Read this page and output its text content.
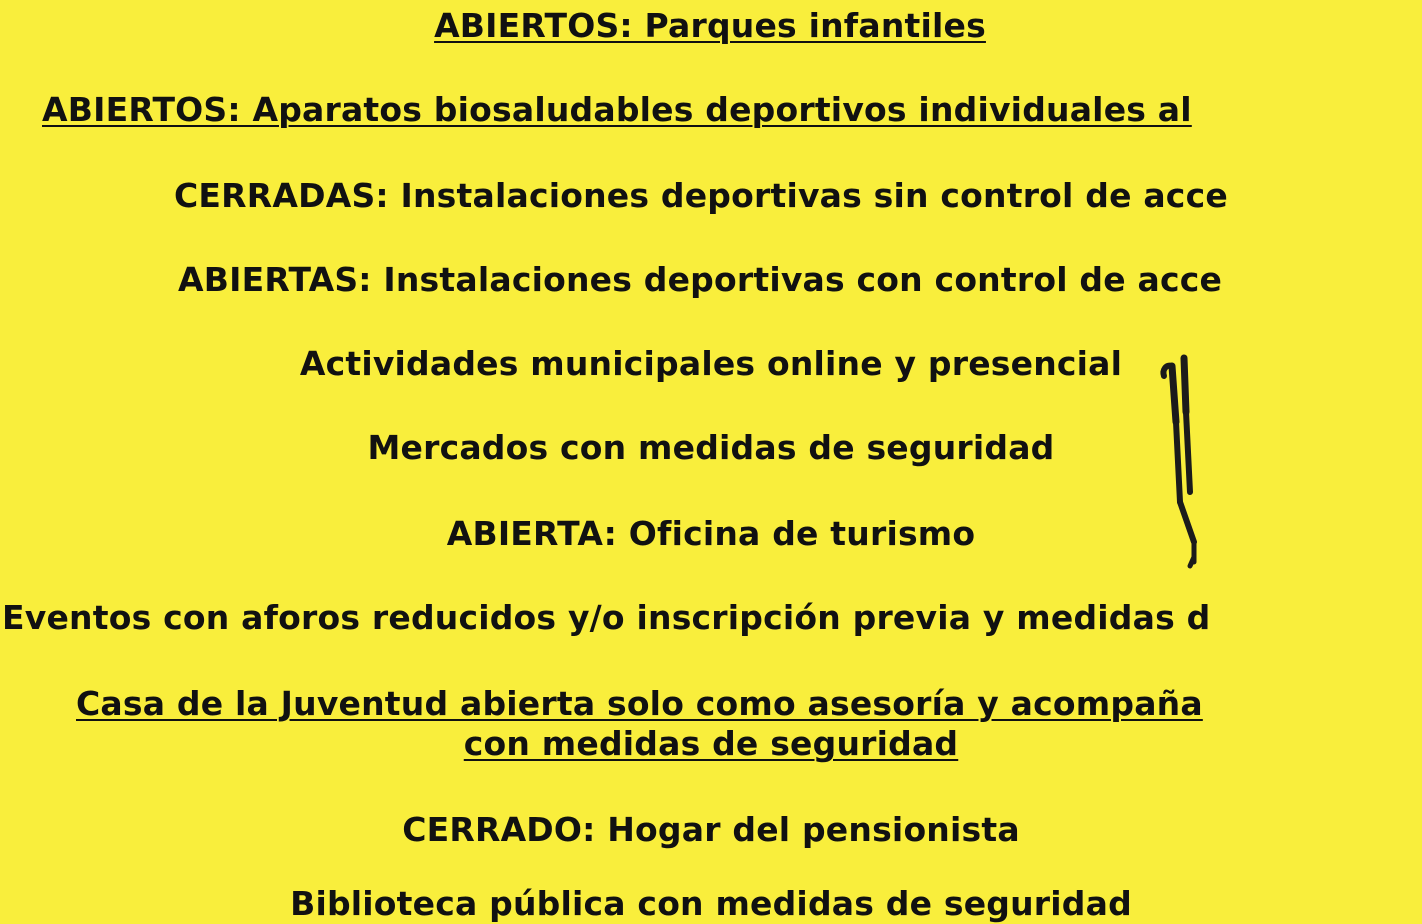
ABIERTOS: Parques infantiles
ABIERTOS: Aparatos biosaludables deportivos individuales al
CERRADAS: Instalaciones deportivas sin control de acce
ABIERTAS: Instalaciones deportivas con control de acce
Actividades municipales online y presencial
Mercados con medidas de seguridad
ABIERTA: Oficina de turismo
Eventos con aforos reducidos y/o inscripción previa y medidas d
Casa de la Juventud abierta solo como asesoría y acompaña
con medidas de seguridad
CERRADO: Hogar del pensionista
Biblioteca pública con medidas de seguridad
